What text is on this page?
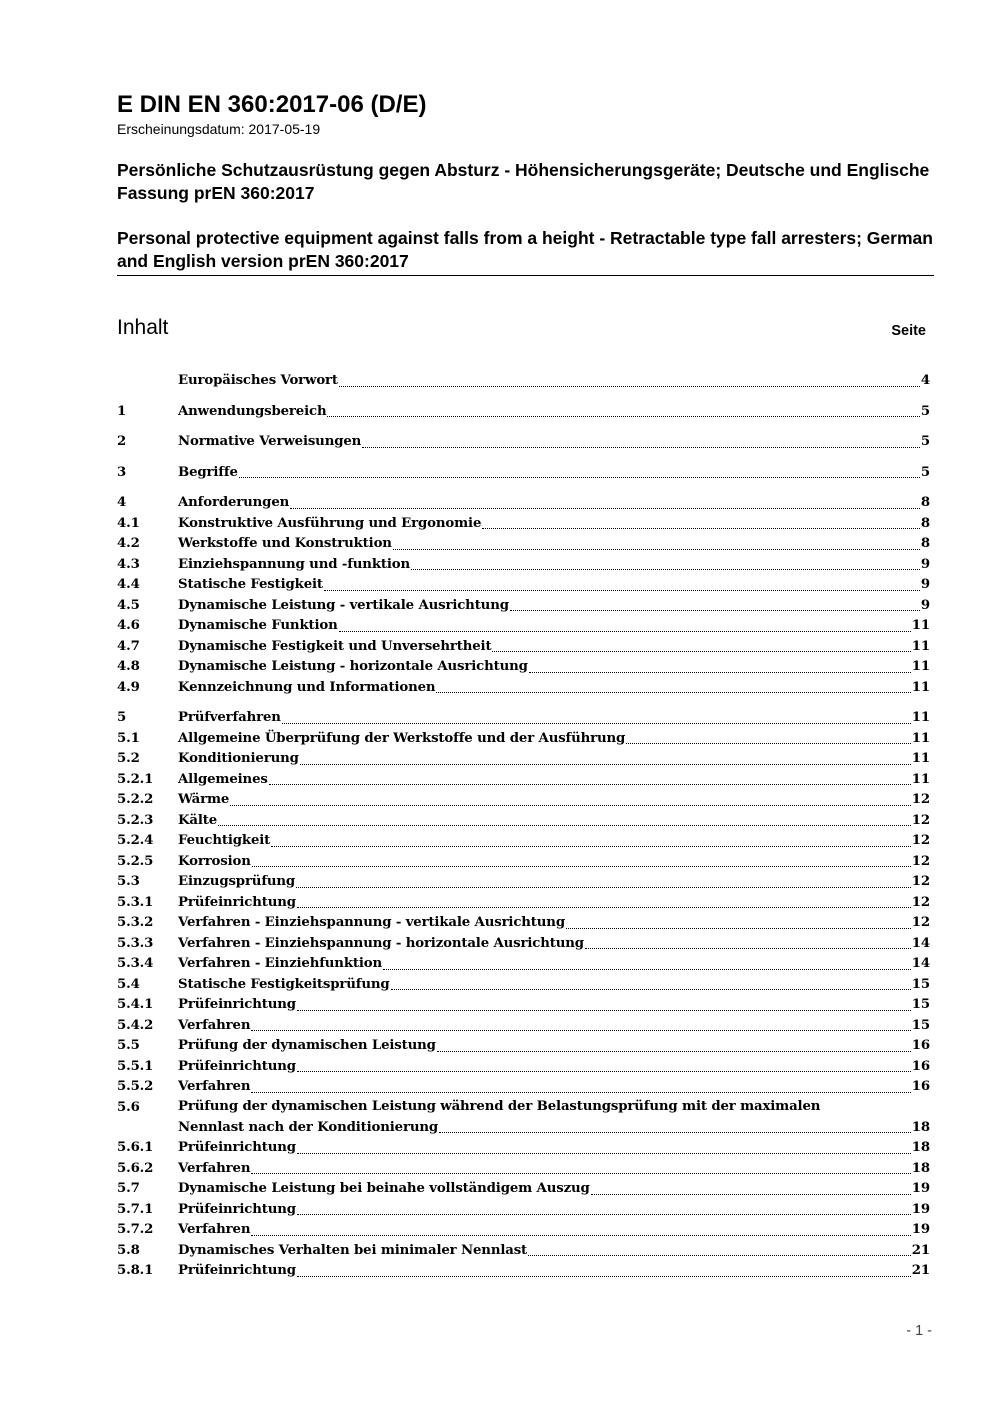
E DIN EN 360:2017-06 (D/E)

Erscheinungsdatum: 2017-05-19

Persönliche Schutzausrüstung gegen Absturz - Höhensicherungsgeräte; Deutsche und Englische Fassung prEN 360:2017

Personal protective equipment against falls from a height - Retractable type fall arresters; German and English version prEN 360:2017

Inhalt	Seite
Europäisches Vorwort	4
1	Anwendungsbereich	5
2	Normative Verweisungen	5
3	Begriffe	5
4	Anforderungen	8
4.1	Konstruktive Ausführung und Ergonomie	8
4.2	Werkstoffe und Konstruktion	8
4.3	Einziehspannung und -funktion	9
4.4	Statische Festigkeit	9
4.5	Dynamische Leistung - vertikale Ausrichtung	9
4.6	Dynamische Funktion	11
4.7	Dynamische Festigkeit und Unversehrtheit	11
4.8	Dynamische Leistung - horizontale Ausrichtung	11
4.9	Kennzeichnung und Informationen	11
5	Prüfverfahren	11
5.1	Allgemeine Überprüfung der Werkstoffe und der Ausführung	11
5.2	Konditionierung	11
5.2.1	Allgemeines	11
5.2.2	Wärme	12
5.2.3	Kälte	12
5.2.4	Feuchtigkeit	12
5.2.5	Korrosion	12
5.3	Einzugsprüfung	12
5.3.1	Prüfeinrichtung	12
5.3.2	Verfahren - Einziehspannung - vertikale Ausrichtung	12
5.3.3	Verfahren - Einziehspannung - horizontale Ausrichtung	14
5.3.4	Verfahren - Einziehfunktion	14
5.4	Statische Festigkeitsprüfung	15
5.4.1	Prüfeinrichtung	15
5.4.2	Verfahren	15
5.5	Prüfung der dynamischen Leistung	16
5.5.1	Prüfeinrichtung	16
5.5.2	Verfahren	16
5.6	Prüfung der dynamischen Leistung während der Belastungsprüfung mit der maximalen
Nennlast nach der Konditionierung	18
5.6.1	Prüfeinrichtung	18
5.6.2	Verfahren	18
5.7	Dynamische Leistung bei beinahe vollständigem Auszug	19
5.7.1	Prüfeinrichtung	19
5.7.2	Verfahren	19
5.8	Dynamisches Verhalten bei minimaler Nennlast	21
5.8.1	Prüfeinrichtung	21
- 1 -
